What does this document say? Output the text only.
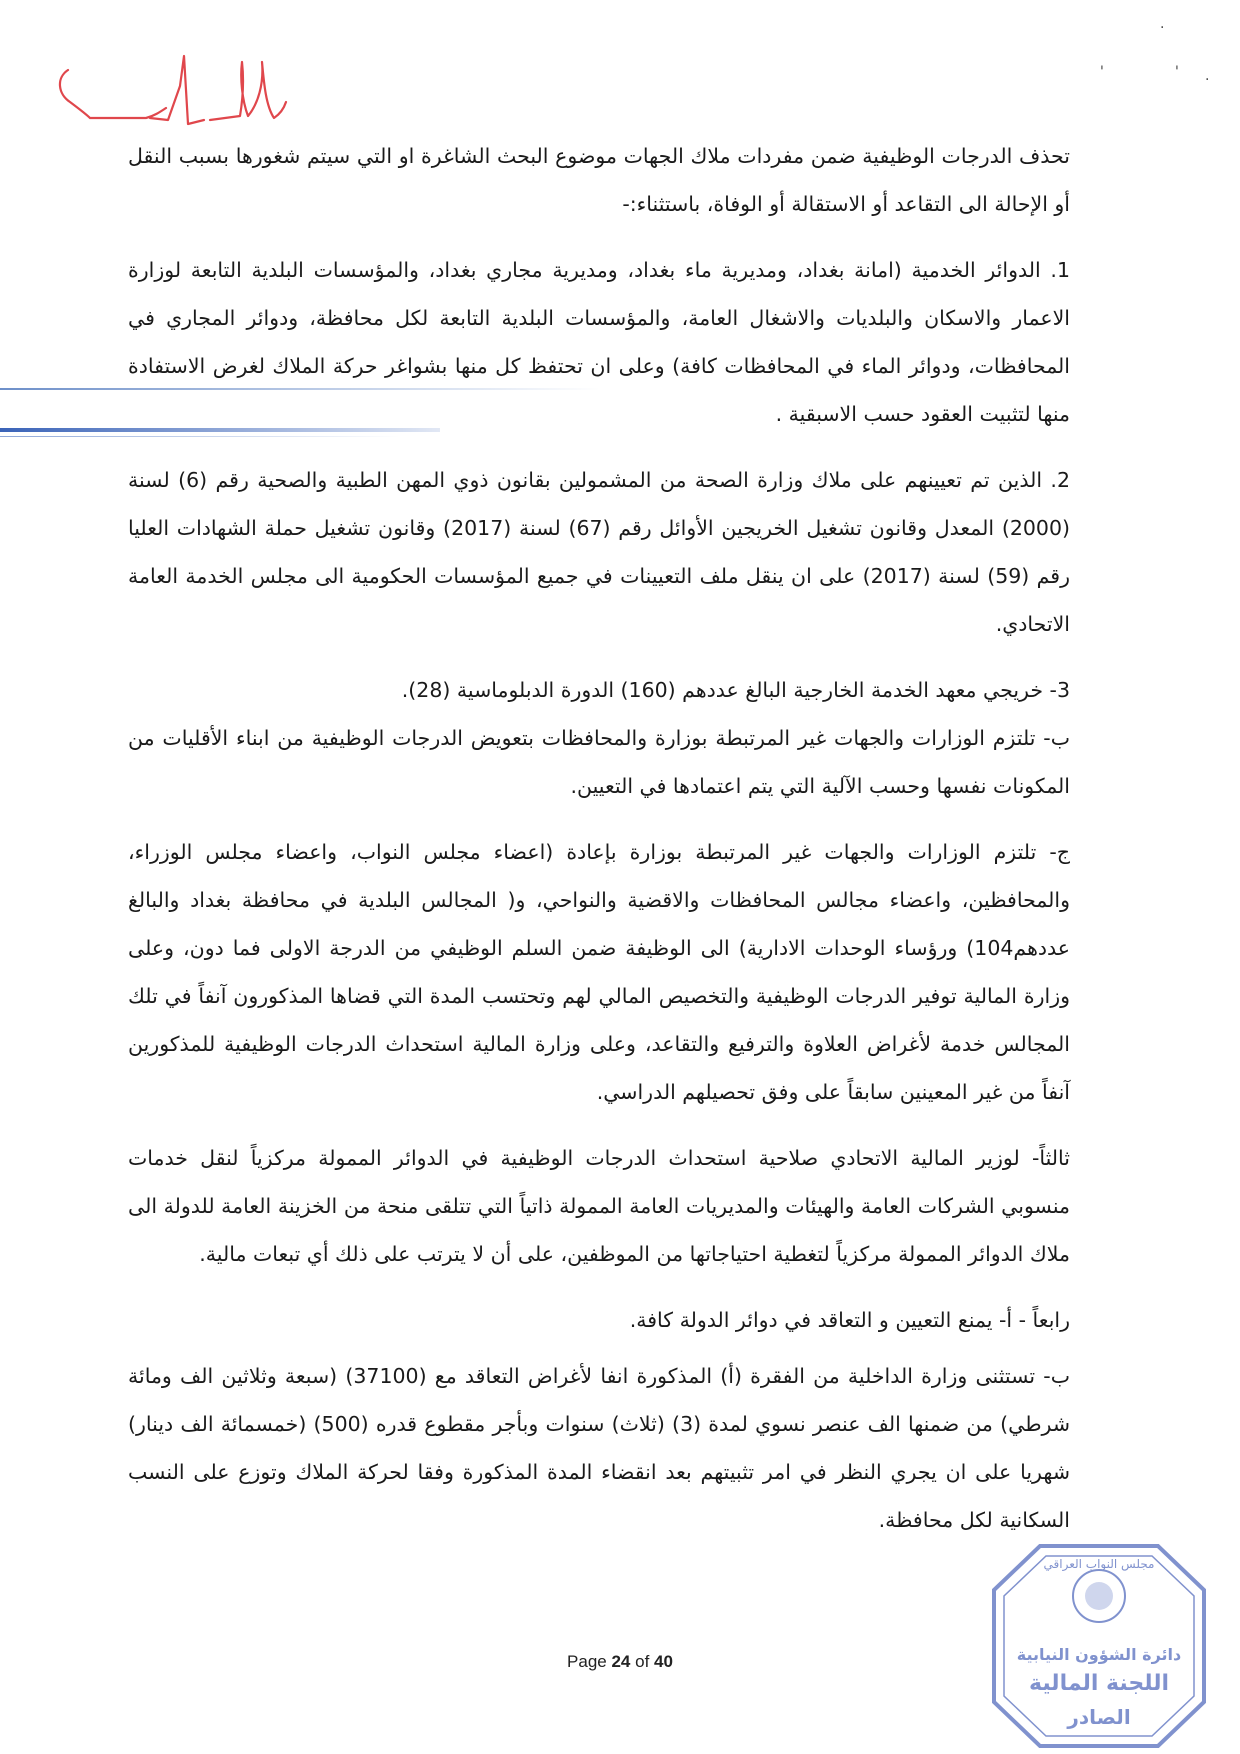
·
'	' .

تحذف الدرجات الوظيفية ضمن مفردات ملاك الجهات موضوع البحث الشاغرة او التي سيتم شغورها بسبب النقل أو الإحالة الى التقاعد أو الاستقالة أو الوفاة، باستثناء:-

1. الدوائر الخدمية (امانة بغداد، ومديرية ماء بغداد، ومديرية مجاري بغداد، والمؤسسات البلدية التابعة لوزارة الاعمار والاسكان والبلديات والاشغال العامة، والمؤسسات البلدية التابعة لكل محافظة، ودوائر المجاري في المحافظات، ودوائر الماء في المحافظات كافة) وعلى ان تحتفظ كل منها بشواغر حركة الملاك لغرض الاستفادة منها لتثبيت العقود حسب الاسبقية .

2. الذين تم تعيينهم على ملاك وزارة الصحة من المشمولين بقانون ذوي المهن الطبية والصحية رقم (6) لسنة (2000) المعدل وقانون تشغيل الخريجين الأوائل رقم (67) لسنة (2017) وقانون تشغيل حملة الشهادات العليا رقم (59) لسنة (2017) على ان ينقل ملف التعيينات في جميع المؤسسات الحكومية الى مجلس الخدمة العامة الاتحادي.

3- خريجي معهد الخدمة الخارجية البالغ عددهم (160) الدورة الدبلوماسية (28).

ب- تلتزم الوزارات والجهات غير المرتبطة بوزارة والمحافظات بتعويض الدرجات الوظيفية من ابناء الأقليات من المكونات نفسها وحسب الآلية التي يتم اعتمادها في التعيين.

ج- تلتزم الوزارات والجهات غير المرتبطة بوزارة بإعادة (اعضاء مجلس النواب، واعضاء مجلس الوزراء، والمحافظين، واعضاء مجالس المحافظات والاقضية والنواحي، و( المجالس البلدية في محافظة بغداد والبالغ عددهم104) ورؤساء الوحدات الادارية) الى الوظيفة ضمن السلم الوظيفي من الدرجة الاولى فما دون، وعلى وزارة المالية توفير الدرجات الوظيفية والتخصيص المالي لهم وتحتسب المدة التي قضاها المذكورون آنفاً في تلك المجالس خدمة لأغراض العلاوة والترفيع والتقاعد، وعلى وزارة المالية استحداث الدرجات الوظيفية للمذكورين آنفاً من غير المعينين سابقاً على وفق تحصيلهم الدراسي.

ثالثاً- لوزير المالية الاتحادي صلاحية استحداث الدرجات الوظيفية في الدوائر الممولة مركزياً لنقل خدمات منسوبي الشركات العامة والهيئات والمديريات العامة الممولة ذاتياً التي تتلقى منحة من الخزينة العامة للدولة الى ملاك الدوائر الممولة مركزياً لتغطية احتياجاتها من الموظفين، على أن لا يترتب على ذلك أي تبعات مالية.

رابعاً - أ- يمنع التعيين و التعاقد في دوائر الدولة كافة.

ب- تستثنى وزارة الداخلية من الفقرة (أ) المذكورة انفا لأغراض التعاقد مع (37100) (سبعة وثلاثين الف ومائة شرطي) من ضمنها الف عنصر نسوي لمدة (3) (ثلاث) سنوات وبأجر مقطوع قدره (500) (خمسمائة الف دينار) شهريا على ان يجري النظر في امر تثبيتهم بعد انقضاء المدة المذكورة وفقا لحركة الملاك وتوزع على النسب السكانية لكل محافظة.

Page 24 of 40
مجلس النواب العراقي
دائرة الشؤون النيابية
اللجنة المالية
الصادر
